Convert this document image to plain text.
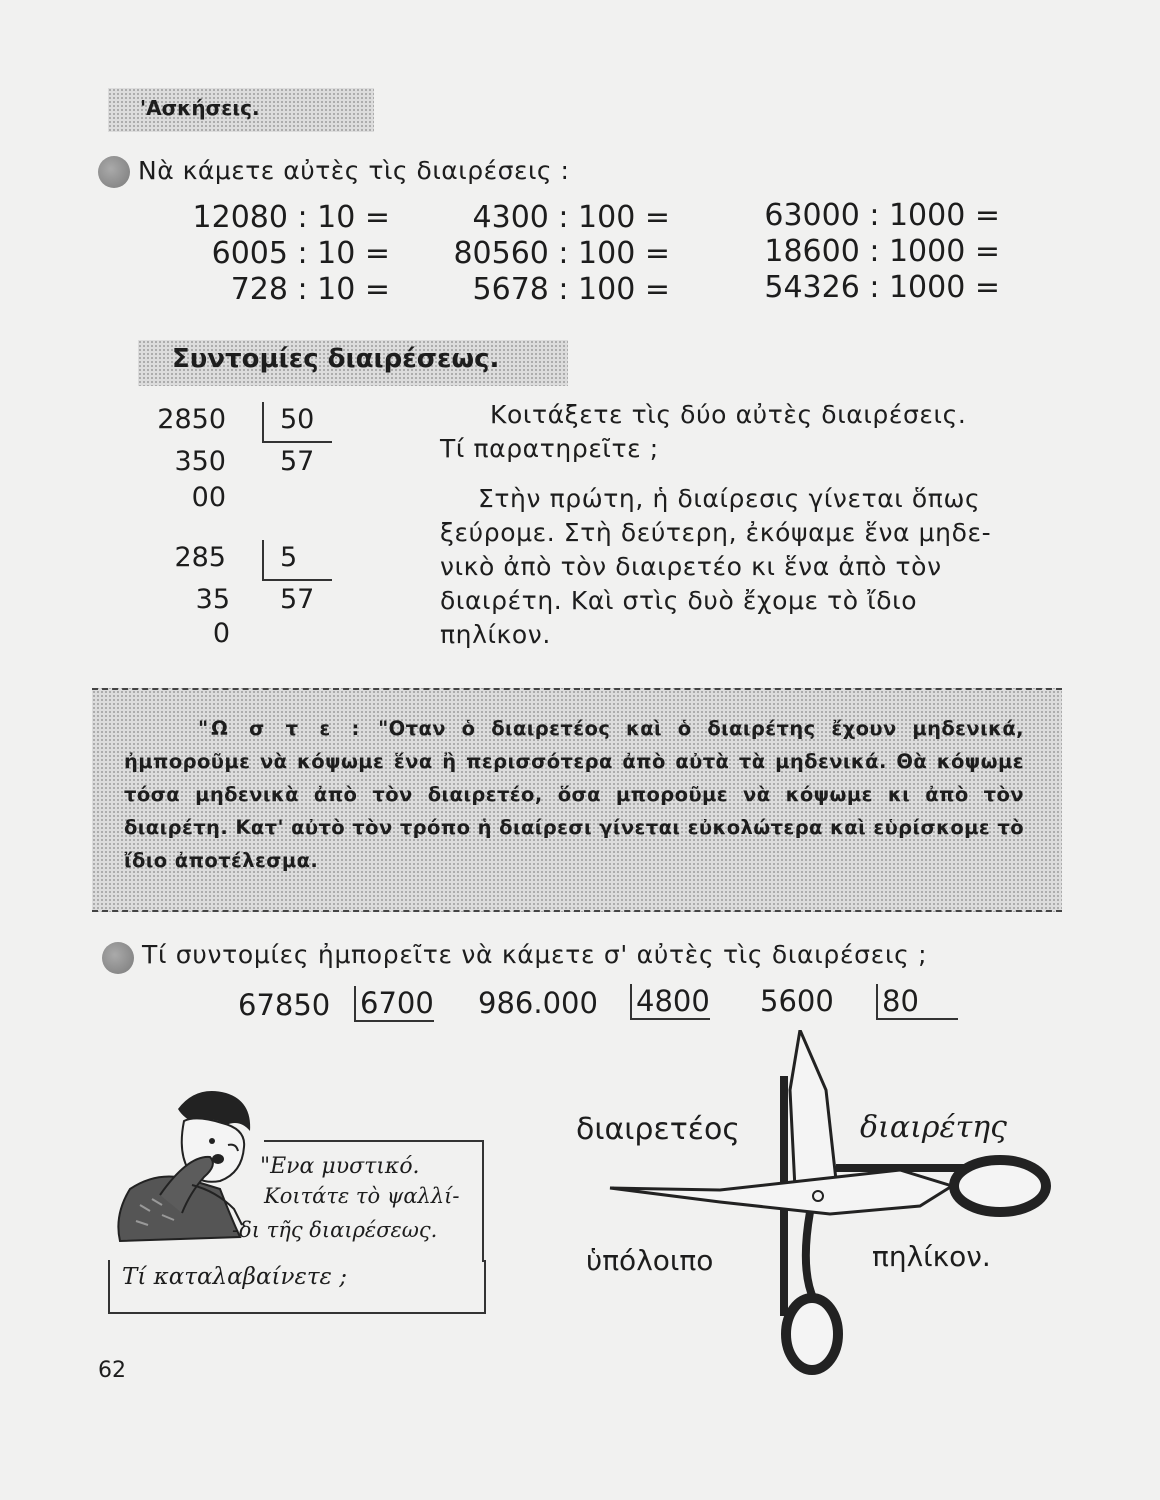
'Ασκήσεις.
Νὰ κάμετε αὐτὲς τὶς διαιρέσεις :
12080 : 10 =
6005 : 10 =
728 : 10 =
4300 : 100 =
80560 : 100 =
5678 : 100 =
63000 : 1000 =
18600 : 1000 =
54326 : 1000 =
Συντομίες διαιρέσεως.
2850 50
350 57
00
285 5
35 57
0
Κοιτάξετε τὶς δύο αὐτὲς διαιρέσεις.
Τί παρατηρεῖτε ;
Στὴν πρώτη, ἡ διαίρεσις γίνεται ὅπως
ξεύρομε. Στὴ δεύτερη, ἐκόψαμε ἕνα μηδε-
νικὸ ἀπὸ τὸν διαιρετέο κι ἕνα ἀπὸ τὸν
διαιρέτη. Καὶ στὶς δυὸ ἔχομε τὸ ἴδιο
πηλίκον.
"Ω σ τ ε : "Οταν ὁ διαιρετέος καὶ ὁ διαιρέτης ἔχουν μηδενικά, ἠμποροῦμε νὰ κόψωμε ἕνα ἢ περισσότερα ἀπὸ αὐτὰ τὰ μηδενικά. Θὰ κόψωμε τόσα μηδενικὰ ἀπὸ τὸν διαιρετέο, ὅσα μποροῦμε νὰ κόψωμε κι ἀπὸ τὸν διαιρέτη. Κατ' αὐτὸ τὸν τρόπο ἡ διαίρεσι γίνεται εὐκολώτερα καὶ εὑρίσκομε τὸ ἴδιο ἀποτέλεσμα.
Τί συντομίες ἠμπορεῖτε νὰ κάμετε σ' αὐτὲς τὶς διαιρέσεις ;
67850 6700 986.000 4800 5600 80
"Ενα μυστικό.
Κοιτάτε τὸ ψαλλί-
-δι τῆς διαιρέσεως.
Τί καταλαβαίνετε ;
διαιρετέος	διαιρέτης
ὑπόλοιπο	πηλίκον.
62
